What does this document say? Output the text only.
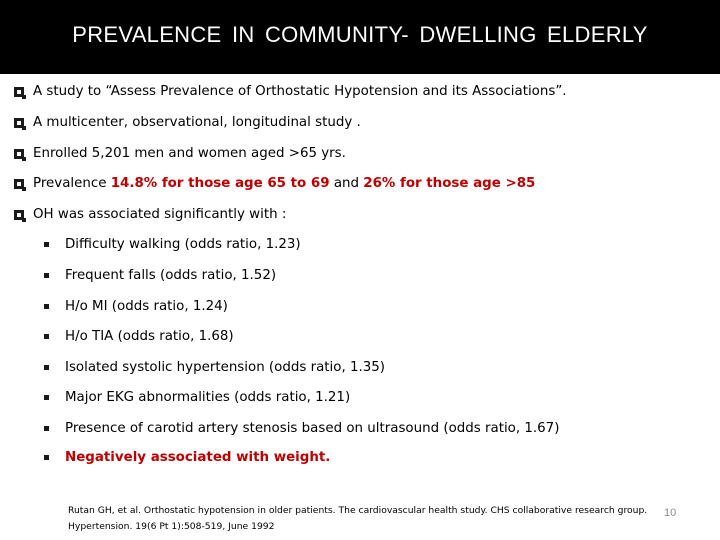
PREVALENCE IN COMMUNITY- DWELLING ELDERLY
A study to “Assess Prevalence of Orthostatic Hypotension and its Associations”.
A multicenter, observational, longitudinal study .
Enrolled 5,201 men and women aged >65 yrs.
Prevalence 14.8% for those age 65 to 69 and 26% for those age >85
OH was associated significantly with :
Difficulty walking (odds ratio, 1.23)
Frequent falls (odds ratio, 1.52)
H/o MI (odds ratio, 1.24)
H/o TIA (odds ratio, 1.68)
Isolated systolic hypertension (odds ratio, 1.35)
Major EKG abnormalities (odds ratio, 1.21)
Presence of carotid artery stenosis based on ultrasound (odds ratio, 1.67)
Negatively associated with weight.
Rutan GH, et al. Orthostatic hypotension in older patients. The cardiovascular health study. CHS collaborative research group.
Hypertension. 19(6 Pt 1):508-519, June 1992
10
